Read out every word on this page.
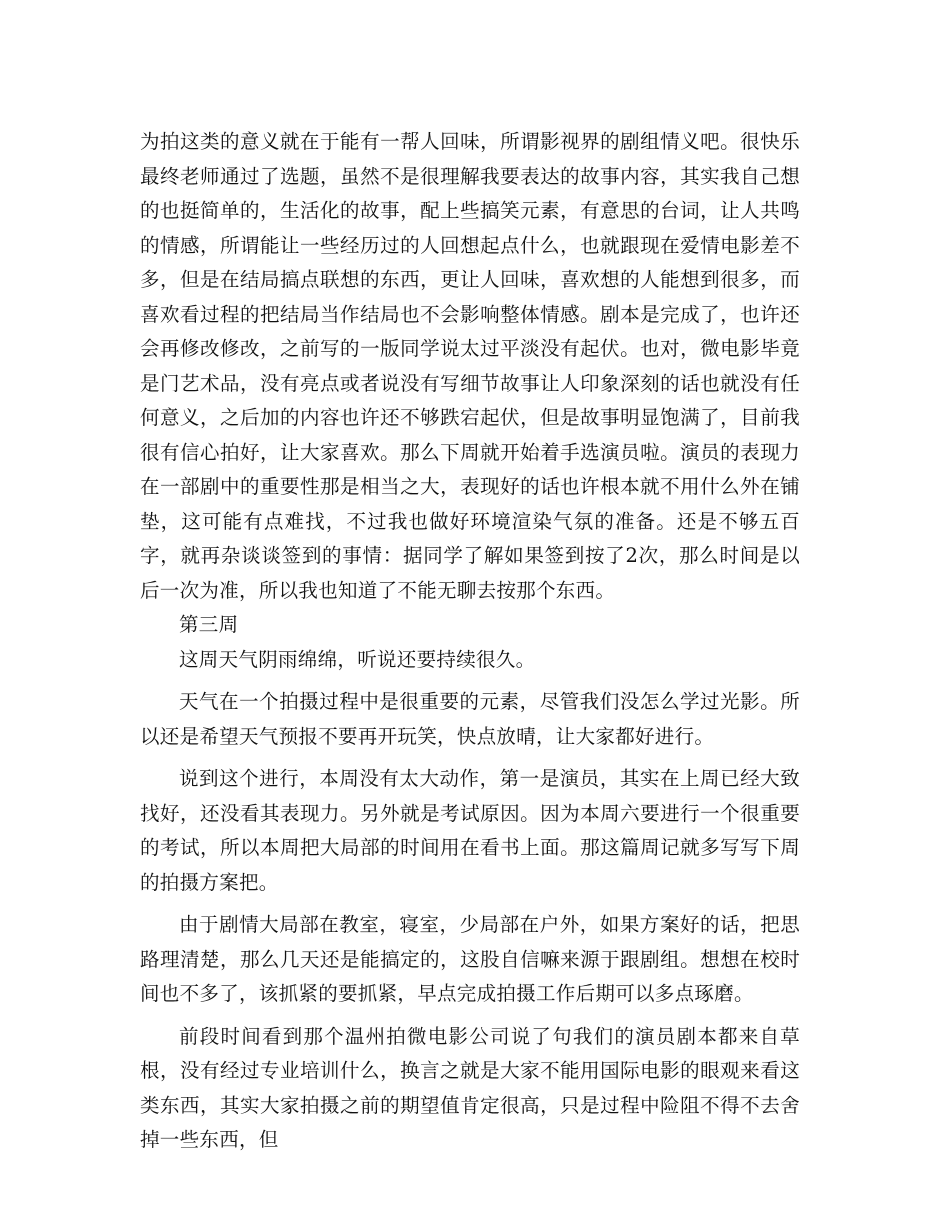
为拍这类的意义就在于能有一帮人回味，所谓影视界的剧组情义吧。很快乐最终老师通过了选题，虽然不是很理解我要表达的故事内容，其实我自己想的也挺简单的，生活化的故事，配上些搞笑元素，有意思的台词，让人共鸣的情感，所谓能让一些经历过的人回想起点什么，也就跟现在爱情电影差不多，但是在结局搞点联想的东西，更让人回味，喜欢想的人能想到很多，而喜欢看过程的把结局当作结局也不会影响整体情感。剧本是完成了，也许还会再修改修改，之前写的一版同学说太过平淡没有起伏。也对，微电影毕竟是门艺术品，没有亮点或者说没有写细节故事让人印象深刻的话也就没有任何意义，之后加的内容也许还不够跌宕起伏，但是故事明显饱满了，目前我很有信心拍好，让大家喜欢。那么下周就开始着手选演员啦。演员的表现力在一部剧中的重要性那是相当之大，表现好的话也许根本就不用什么外在铺垫，这可能有点难找，不过我也做好环境渲染气氛的准备。还是不够五百字，就再杂谈谈签到的事情：据同学了解如果签到按了2次，那么时间是以后一次为准，所以我也知道了不能无聊去按那个东西。

第三周

这周天气阴雨绵绵，听说还要持续很久。

天气在一个拍摄过程中是很重要的元素，尽管我们没怎么学过光影。所以还是希望天气预报不要再开玩笑，快点放晴，让大家都好进行。

说到这个进行，本周没有太大动作，第一是演员，其实在上周已经大致找好，还没看其表现力。另外就是考试原因。因为本周六要进行一个很重要的考试，所以本周把大局部的时间用在看书上面。那这篇周记就多写写下周的拍摄方案把。

由于剧情大局部在教室，寝室，少局部在户外，如果方案好的话，把思路理清楚，那么几天还是能搞定的，这股自信嘛来源于跟剧组。想想在校时间也不多了，该抓紧的要抓紧，早点完成拍摄工作后期可以多点琢磨。

前段时间看到那个温州拍微电影公司说了句我们的演员剧本都来自草根，没有经过专业培训什么，换言之就是大家不能用国际电影的眼观来看这类东西，其实大家拍摄之前的期望值肯定很高，只是过程中险阻不得不去舍掉一些东西，但
